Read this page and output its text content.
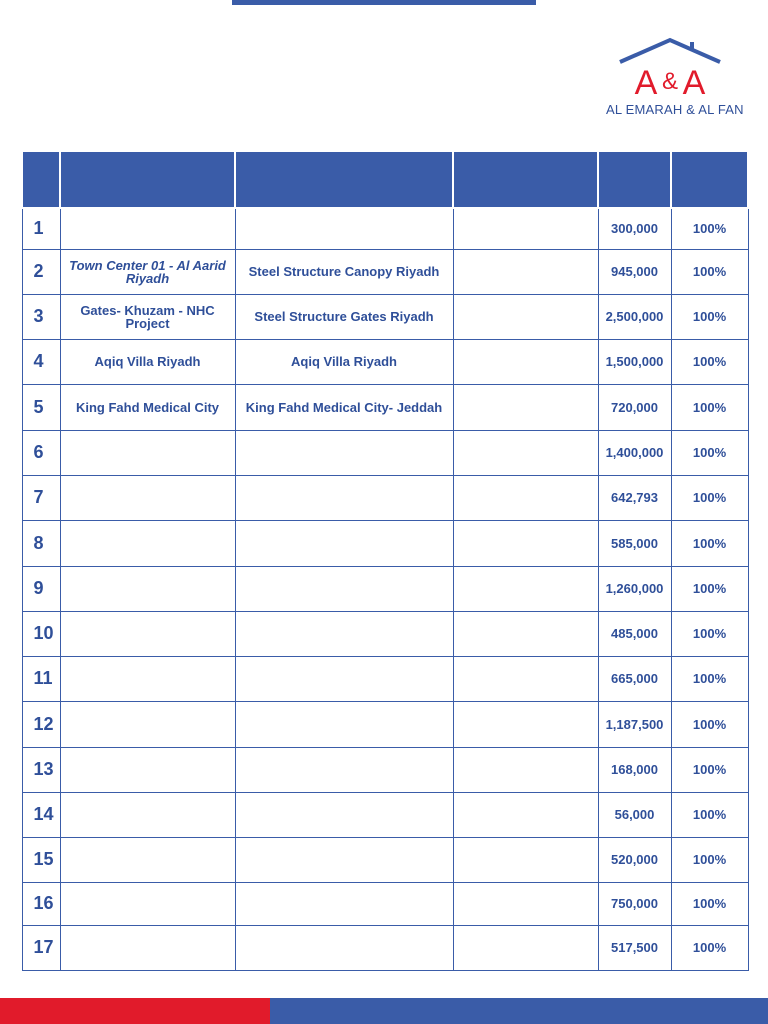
A & A
AL EMARAH & AL FAN

1				300,000	100%
2	Town Center 01 - Al Aarid Riyadh	Steel Structure Canopy Riyadh		945,000	100%
3	Gates- Khuzam - NHC Project	Steel Structure Gates Riyadh		2,500,000	100%
4	Aqiq Villa Riyadh	Aqiq Villa Riyadh		1,500,000	100%
5	King Fahd Medical City	King Fahd Medical City- Jeddah		720,000	100%
6				1,400,000	100%
7				642,793	100%
8				585,000	100%
9				1,260,000	100%
10				485,000	100%
11				665,000	100%
12				1,187,500	100%
13				168,000	100%
14				56,000	100%
15				520,000	100%
16				750,000	100%
17				517,500	100%
